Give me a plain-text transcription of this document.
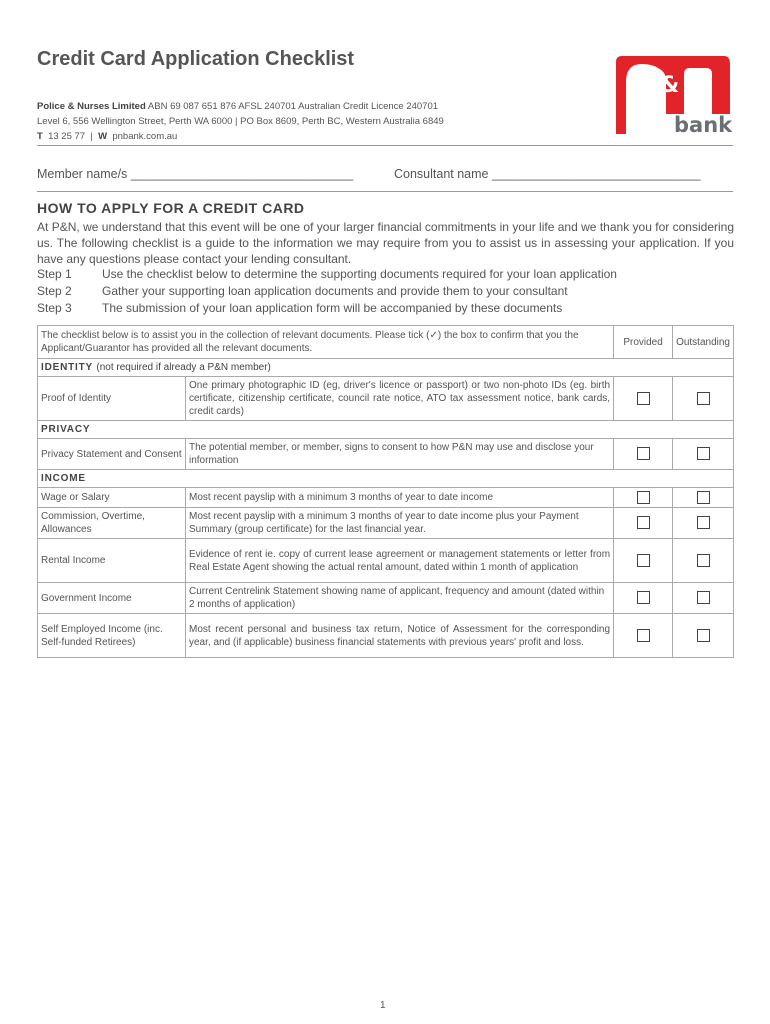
Credit Card Application Checklist
Police & Nurses Limited ABN 69 087 651 876 AFSL 240701 Australian Credit Licence 240701
Level 6, 556 Wellington Street, Perth WA 6000 | PO Box 8609, Perth BC, Western Australia 6849
T 13 25 77  |  W pnbank.com.au
&
bank
Member name/s ________________________________	Consultant name ______________________________
HOW TO APPLY FOR A CREDIT CARD
At P&N, we understand that this event will be one of your larger financial commitments in your life and we thank you for considering us. The following checklist is a guide to the information we may require from you to assist us in assessing your application. If you have any questions please contact your lending consultant.
Step 1	Use the checklist below to determine the supporting documents required for your loan application
Step 2	Gather your supporting loan application documents and provide them to your consultant
Step 3	The submission of your loan application form will be accompanied by these documents
The checklist below is to assist you in the collection of relevant documents. Please tick (✓) the box to confirm that you the Applicant/Guarantor has provided all the relevant documents.		Provided	Outstanding
IDENTITY (not required if already a P&N member)			
Proof of Identity	One primary photographic ID (eg, driver's licence or passport) or two non-photo IDs (eg. birth certificate, citizenship certificate, council rate notice, ATO tax assessment notice, bank cards, credit cards)		
PRIVACY			
Privacy Statement and Consent	The potential member, or member, signs to consent to how P&N may use and disclose your information		
INCOME			
Wage or Salary	Most recent payslip with a minimum 3 months of year to date income		
Commission, Overtime, Allowances	Most recent payslip with a minimum 3 months of year to date income plus your Payment Summary (group certificate) for the last financial year.		
Rental Income	Evidence of rent ie. copy of current lease agreement or management statements or letter from Real Estate Agent showing the actual rental amount, dated within 1 month of application		
Government Income	Current Centrelink Statement showing name of applicant, frequency and amount (dated within 2 months of application)		
Self Employed Income (inc. Self-funded Retirees)	Most recent personal and business tax return, Notice of Assessment for the corresponding year, and (if applicable) business financial statements with previous years' profit and loss.		
1
